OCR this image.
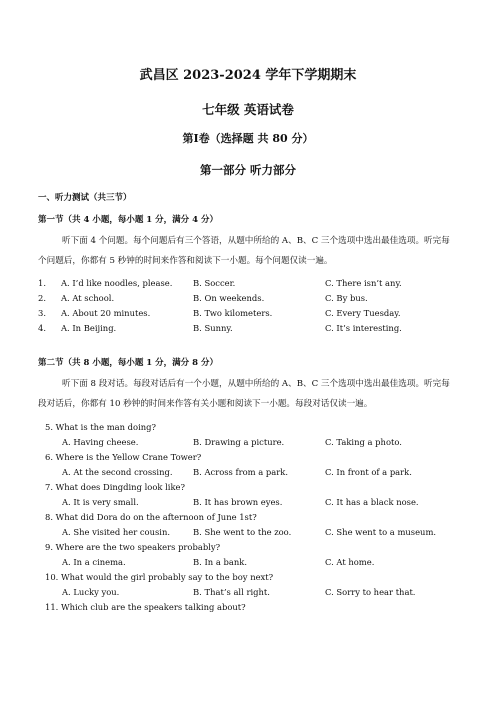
武昌区 2023-2024 学年下学期期末
七年级 英语试卷
第Ⅰ卷（选择题 共 80 分）
第一部分 听力部分
一、听力测试（共三节）
第一节（共 4 小题，每小题 1 分，满分 4 分）
听下面 4 个问题。每个问题后有三个答语，从题中所给的 A、B、C 三个选项中选出最佳选项。听完每
个问题后，你都有 5 秒钟的时间来作答和阅读下一小题。每个问题仅读一遍。
1. A. I’d like noodles, please. B. Soccer.	C. There isn’t any.
2. A. At school.	B. On weekends.	C. By bus.
3. A. About 20 minutes.	B. Two kilometers.	C. Every Tuesday.
4. A. In Beijing.	B. Sunny.	C. It’s interesting.
第二节（共 8 小题，每小题 1 分，满分 8 分）
听下面 8 段对话。每段对话后有一个小题，从题中所给的 A、B、C 三个选项中选出最佳选项。听完每
段对话后，你都有 10 秒钟的时间来作答有关小题和阅读下一小题。每段对话仅读一遍。
5. What is the man doing?
A. Having cheese.	B. Drawing a picture.	C. Taking a photo.
6. Where is the Yellow Crane Tower?
A. At the second crossing. B. Across from a park.	C. In front of a park.
7. What does Dingding look like?
A. It is very small.	B. It has brown eyes.	C. It has a black nose.
8. What did Dora do on the afternoon of June 1st?
A. She visited her cousin.	B. She went to the zoo.	C. She went to a museum.
9. Where are the two speakers probably?
A. In a cinema.	B. In a bank.	C. At home.
10. What would the girl probably say to the boy next?
A. Lucky you.	B. That’s all right.	C. Sorry to hear that.
11. Which club are the speakers talking about?
